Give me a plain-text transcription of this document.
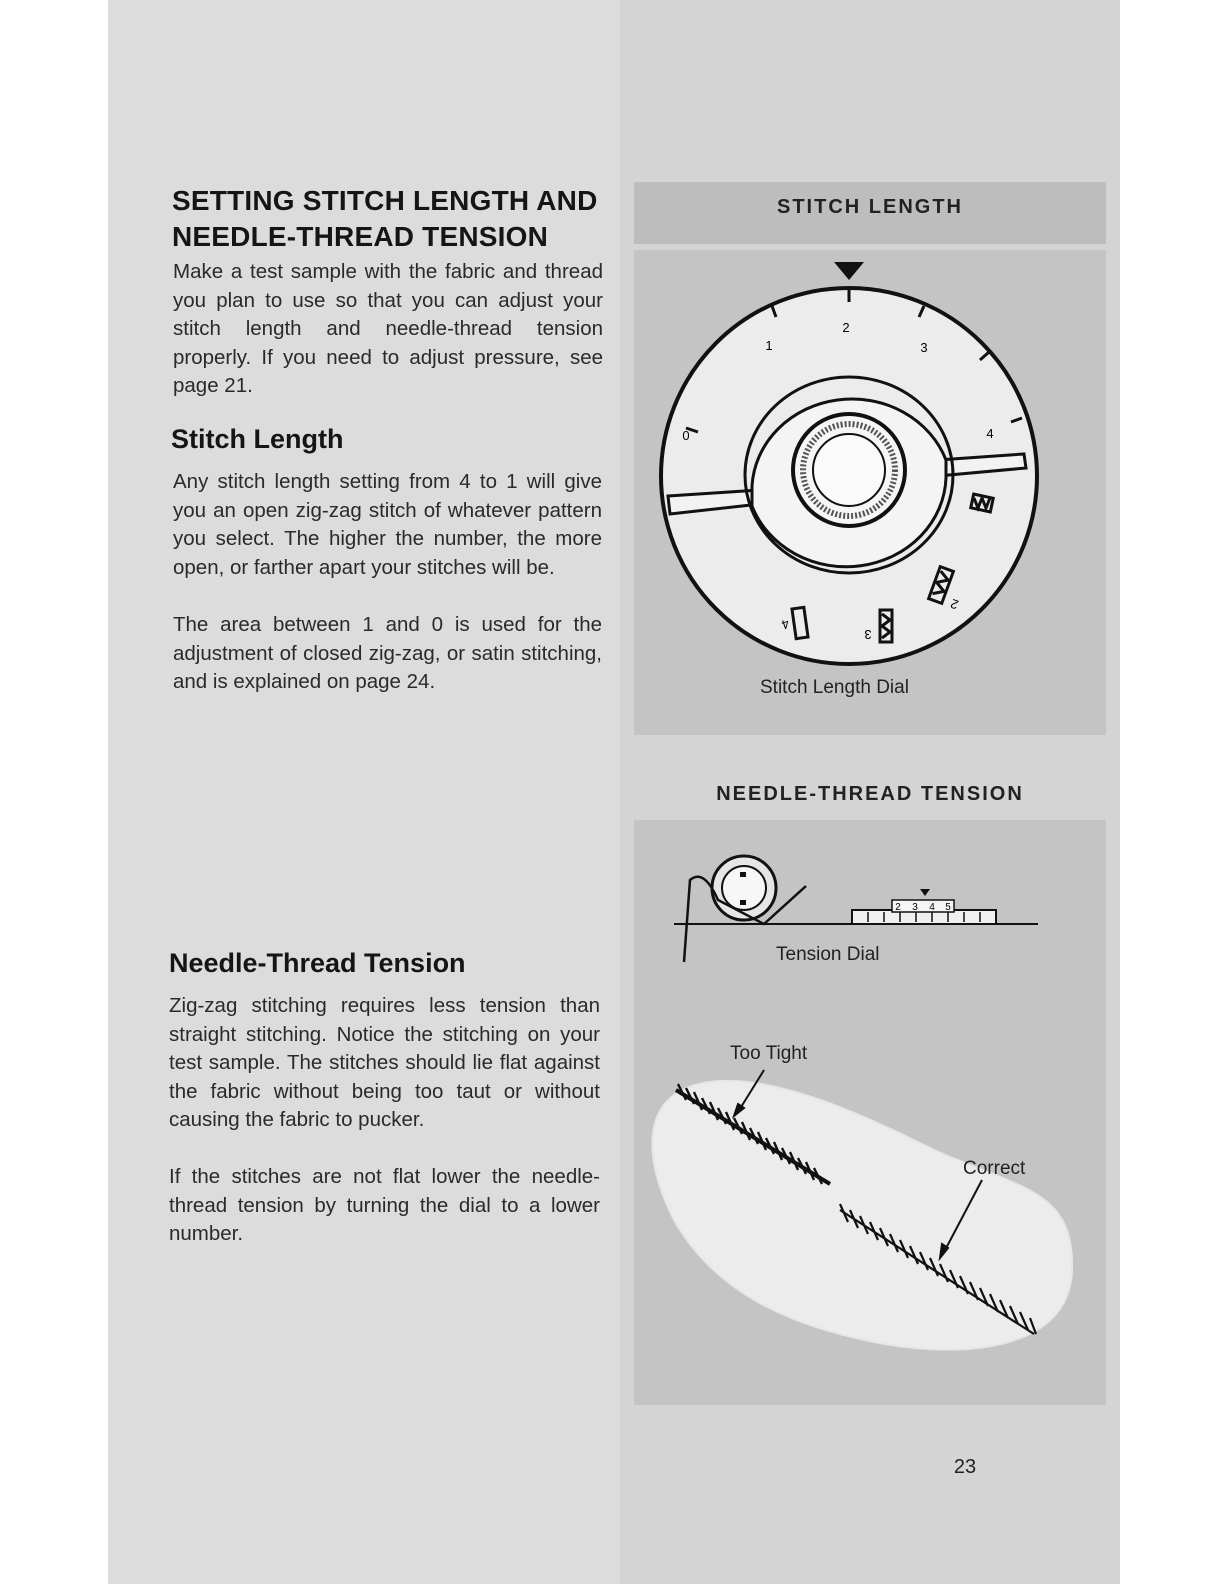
SETTING STITCH LENGTH AND
NEEDLE-THREAD TENSION

Make a test sample with the fabric and thread you plan to use so that you can adjust your stitch length and needle-thread tension properly. If you need to adjust pressure, see page 21.

Stitch Length

Any stitch length setting from 4 to 1 will give you an open zig-zag stitch of whatever pattern you select. The higher the number, the more open, or farther apart your stitches will be.

The area between 1 and 0 is used for the adjustment of closed zig-zag, or satin stitching, and is explained on page 24.

Needle-Thread Tension

Zig-zag stitching requires less tension than straight stitching. Notice the stitching on your test sample. The stitches should lie flat against the fabric without being too taut or without causing the fabric to pucker.

If the stitches are not flat lower the needle-thread tension by turning the dial to a lower number.

STITCH LENGTH
2
1	3
4
0
2
3
4
Stitch Length Dial
NEEDLE-THREAD TENSION
2 3 4 5
Tension Dial
Too Tight
Correct
23
